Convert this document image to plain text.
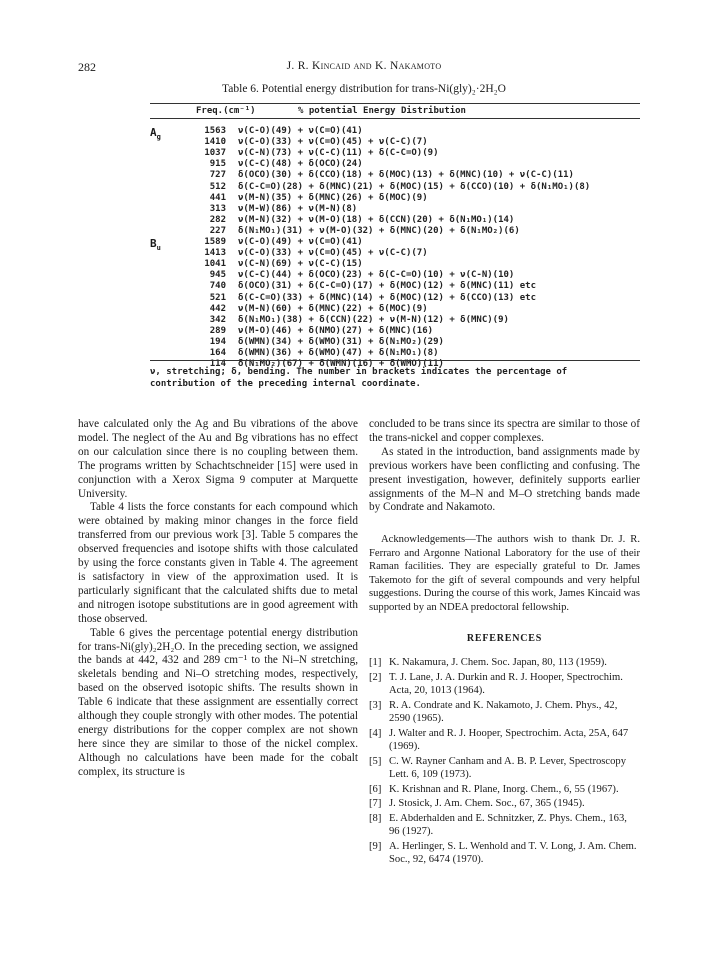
282	J. R. Kincaid and K. Nakamoto
Table 6. Potential energy distribution for trans-Ni(gly)₂·2H₂O
Freq.(cm⁻¹)	% potential Energy Distribution
$A_g$
1563 ν(C-O)(49) + ν(C=O)(41)
1410 ν(C-O)(33) + ν(C=O)(45) + ν(C-C)(7)
1037 ν(C-N)(73) + ν(C-C)(11) + δ(C-C=O)(9)
915 ν(C-C)(48) + δ(OCO)(24)
727 δ(OCO)(30) + δ(CCO)(18) + δ(MOC)(13) + δ(MNC)(10) + ν(C-C)(11)
512 δ(C-C=O)(28) + δ(MNC)(21) + δ(MOC)(15) + δ(CCO)(10) + δ(N₁MO₁)(8)
441 ν(M-N)(35) + δ(MNC)(26) + δ(MOC)(9)
313 ν(M-W)(86) + ν(M-N)(8)
282 ν(M-N)(32) + ν(M-O)(18) + δ(CCN)(20) + δ(N₁MO₁)(14)
227 δ(N₁MO₁)(31) + ν(M-O)(32) + δ(MNC)(20) + δ(N₁MO₂)(6)
$B_u$
1589 ν(C-O)(49) + ν(C=O)(41)
1413 ν(C-O)(33) + ν(C=O)(45) + ν(C-C)(7)
1041 ν(C-N)(69) + ν(C-C)(15)
945 ν(C-C)(44) + δ(OCO)(23) + δ(C-C=O)(10) + ν(C-N)(10)
740 δ(OCO)(31) + δ(C-C=O)(17) + δ(MOC)(12) + δ(MNC)(11) etc
521 δ(C-C=O)(33) + δ(MNC)(14) + δ(MOC)(12) + δ(CCO)(13) etc
442 ν(M-N)(60) + δ(MNC)(22) + δ(MOC)(9)
342 δ(N₁MO₁)(38) + δ(CCN)(22) + ν(M-N)(12) + δ(MNC)(9)
289 ν(M-O)(46) + δ(NMO)(27) + δ(MNC)(16)
194 δ(WMN)(34) + δ(WMO)(31) + δ(N₁MO₂)(29)
164 δ(WMN)(36) + δ(WMO)(47) + δ(N₁MO₁)(8)
114 δ(N₁MO₂)(67) + δ(WMN)(16) + δ(WMO)(11)
ν, stretching; δ, bending. The number in brackets indicates the percentage of
contribution of the preceding internal coordinate.

have calculated only the Ag and Bu vibrations of the above model. The neglect of the Au and Bg vibrations has no effect on our calculation since there is no coupling between them. The programs written by Schachtschneider [15] were used in conjunction with a Xerox Sigma 9 computer at Marquette University.

Table 4 lists the force constants for each compound which were obtained by making minor changes in the force field transferred from our previous work [3]. Table 5 compares the observed frequencies and isotope shifts with those calculated by using the force constants given in Table 4. The agreement is satisfactory in view of the approximation used. It is particularly significant that the calculated shifts due to metal and nitrogen isotope substitutions are in good agreement with those observed.

Table 6 gives the percentage potential energy distribution for trans-Ni(gly)₂2H₂O. In the preceding section, we assigned the bands at 442, 432 and 289 cm⁻¹ to the Ni–N stretching, skeletals bending and Ni–O stretching modes, respectively, based on the observed isotopic shifts. The results shown in Table 6 indicate that these assignment are essentially correct although they couple strongly with other modes. The potential energy distributions for the copper complex are not shown here since they are similar to those of the nickel complex. Although no calculations have been made for the cobalt complex, its structure is

concluded to be trans since its spectra are similar to those of the trans-nickel and copper complexes.

As stated in the introduction, band assignments made by previous workers have been conflicting and confusing. The present investigation, however, definitely supports earlier assignments of the M–N and M–O stretching bands made by Condrate and Nakamoto.

Acknowledgements—The authors wish to thank Dr. J. R. Ferraro and Argonne National Laboratory for the use of their Raman facilities. They are especially grateful to Dr. James Takemoto for the gift of several compounds and very helpful suggestions. During the course of this work, James Kincaid was supported by an NDEA predoctoral fellowship.

REFERENCES
[1] K. Nakamura, J. Chem. Soc. Japan, 80, 113 (1959).
[2] T. J. Lane, J. A. Durkin and R. J. Hooper, Spectrochim. Acta, 20, 1013 (1964).
[3] R. A. Condrate and K. Nakamoto, J. Chem. Phys., 42, 2590 (1965).
[4] J. Walter and R. J. Hooper, Spectrochim. Acta, 25A, 647 (1969).
[5] C. W. Rayner Canham and A. B. P. Lever, Spectroscopy Lett. 6, 109 (1973).
[6] K. Krishnan and R. Plane, Inorg. Chem., 6, 55 (1967).
[7] J. Stosick, J. Am. Chem. Soc., 67, 365 (1945).
[8] E. Abderhalden and E. Schnitzker, Z. Phys. Chem., 163, 96 (1927).
[9] A. Herlinger, S. L. Wenhold and T. V. Long, J. Am. Chem. Soc., 92, 6474 (1970).
